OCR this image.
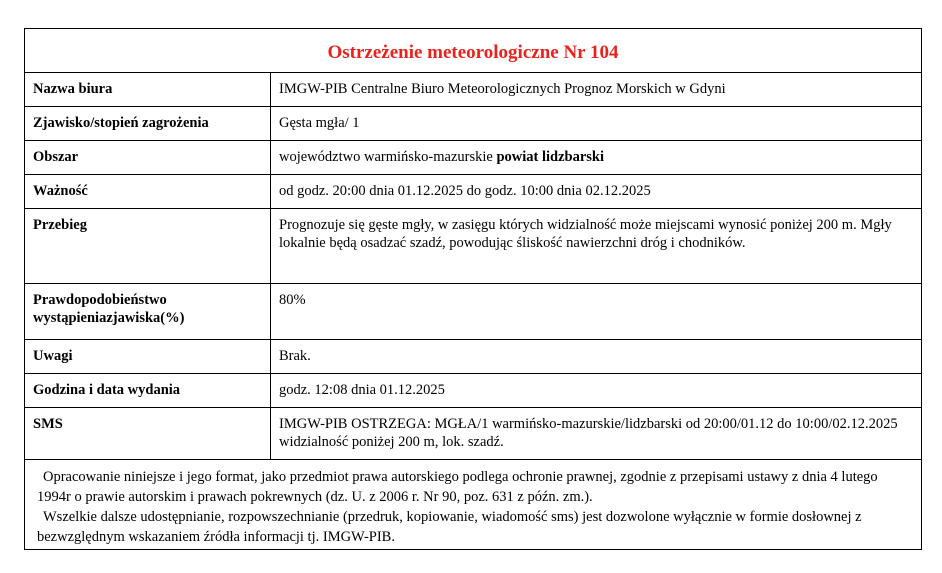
Ostrzeżenie meteorologiczne Nr 104
Nazwa biura	IMGW-PIB Centralne Biuro Meteorologicznych Prognoz Morskich w Gdyni
Zjawisko/stopień zagrożenia	Gęsta mgła/ 1
Obszar	województwo warmińsko-mazurskie powiat lidzbarski
Ważność	od godz. 20:00 dnia 01.12.2025 do godz. 10:00 dnia 02.12.2025
Przebieg	Prognozuje się gęste mgły, w zasięgu których widzialność może miejscami wynosić poniżej 200 m. Mgły lokalnie będą osadzać szadź, powodując śliskość nawierzchni dróg i chodników.
Prawdopodobieństwo wystąpieniazjawiska(%)	80%
Uwagi	Brak.
Godzina i data wydania	godz. 12:08 dnia 01.12.2025
SMS	IMGW-PIB OSTRZEGA: MGŁA/1 warmińsko-mazurskie/lidzbarski od 20:00/01.12 do 10:00/02.12.2025 widzialność poniżej 200 m, lok. szadź.

Opracowanie niniejsze i jego format, jako przedmiot prawa autorskiego podlega ochronie prawnej, zgodnie z przepisami ustawy z dnia 4 lutego 1994r o prawie autorskim i prawach pokrewnych (dz. U. z 2006 r. Nr 90, poz. 631 z późn. zm.).

Wszelkie dalsze udostępnianie, rozpowszechnianie (przedruk, kopiowanie, wiadomość sms) jest dozwolone wyłącznie w formie dosłownej z bezwzględnym wskazaniem źródła informacji tj. IMGW-PIB.
